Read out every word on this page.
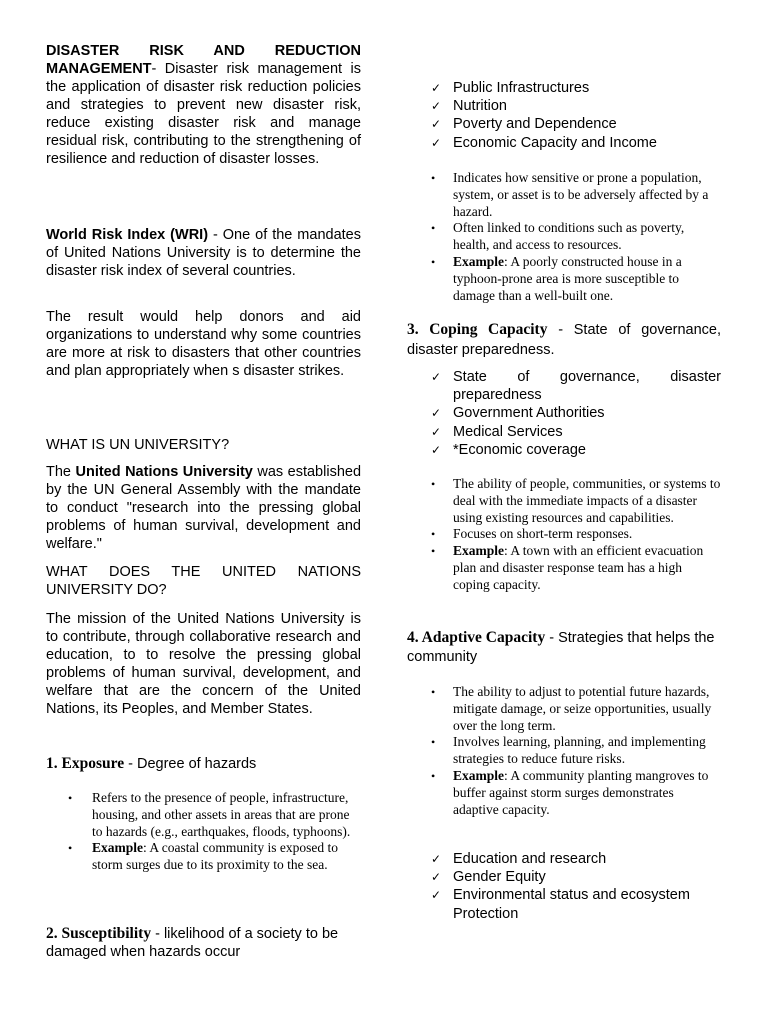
DISASTER RISK AND REDUCTION MANAGEMENT- Disaster risk management is the application of disaster risk reduction policies and strategies to prevent new disaster risk, reduce existing disaster risk and manage residual risk, contributing to the strengthening of resilience and reduction of disaster losses.

World Risk Index (WRI) - One of the mandates of United Nations University is to determine the disaster risk index of several countries.

The result would help donors and aid organizations to understand why some countries are more at risk to disasters that other countries and plan appropriately when s disaster strikes.

WHAT IS UN UNIVERSITY?

The United Nations University was established by the UN General Assembly with the mandate to conduct "research into the pressing global problems of human survival, development and welfare."

WHAT DOES THE UNITED NATIONS UNIVERSITY DO?

The mission of the United Nations University is to contribute, through collaborative research and education, to to resolve the pressing global problems of human survival, development, and welfare that are the concern of the United Nations, its Peoples, and Member States.

1. Exposure - Degree of hazards

• Refers to the presence of people, infrastructure, housing, and other assets in areas that are prone to hazards (e.g., earthquakes, floods, typhoons).
• Example: A coastal community is exposed to storm surges due to its proximity to the sea.

2. Susceptibility - likelihood of a society to be damaged when hazards occur

✓ Public Infrastructures
✓ Nutrition
✓ Poverty and Dependence
✓ Economic Capacity and Income
• Indicates how sensitive or prone a population, system, or asset is to be adversely affected by a hazard.
• Often linked to conditions such as poverty, health, and access to resources.
• Example: A poorly constructed house in a typhoon-prone area is more susceptible to damage than a well-built one.

3. Coping Capacity - State of governance, disaster preparedness.

✓ State of governance, disaster preparedness
✓ Government Authorities
✓ Medical Services
✓ *Economic coverage
• The ability of people, communities, or systems to deal with the immediate impacts of a disaster using existing resources and capabilities.
• Focuses on short-term responses.
• Example: A town with an efficient evacuation plan and disaster response team has a high coping capacity.

4. Adaptive Capacity - Strategies that helps the community

• The ability to adjust to potential future hazards, mitigate damage, or seize opportunities, usually over the long term.
• Involves learning, planning, and implementing strategies to reduce future risks.
• Example: A community planting mangroves to buffer against storm surges demonstrates adaptive capacity.
✓ Education and research
✓ Gender Equity
✓ Environmental status and ecosystem Protection
